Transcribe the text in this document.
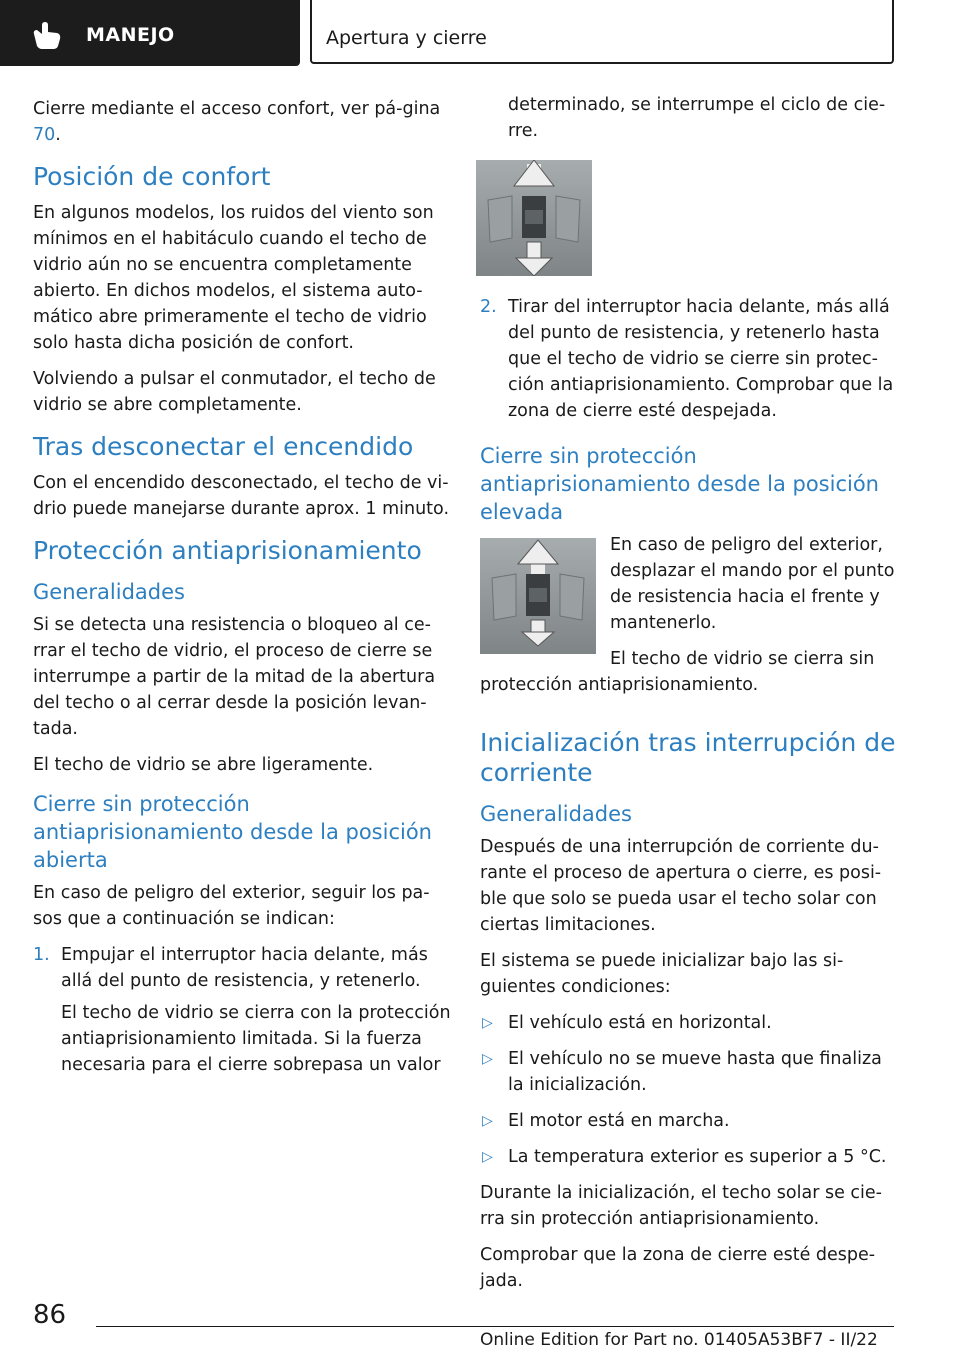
MANEJO	Apertura y cierre

Cierre mediante el acceso confort, ver pá-gina 70.

Posición de confort

En algunos modelos, los ruidos del viento son mínimos en el habitáculo cuando el techo de vidrio aún no se encuentra completamente abierto. En dichos modelos, el sistema auto-mático abre primeramente el techo de vidrio solo hasta dicha posición de confort.

Volviendo a pulsar el conmutador, el techo de vidrio se abre completamente.

Tras desconectar el encendido

Con el encendido desconectado, el techo de vi-drio puede manejarse durante aprox. 1 minuto.

Protección antiaprisionamiento
Generalidades

Si se detecta una resistencia o bloqueo al ce-rrar el techo de vidrio, el proceso de cierre se interrumpe a partir de la mitad de la abertura del techo o al cerrar desde la posición levan-tada.

El techo de vidrio se abre ligeramente.

Cierre sin protección antiaprisionamiento desde la posición abierta

En caso de peligro del exterior, seguir los pa-sos que a continuación se indican:

1. Empujar el interruptor hacia delante, más allá del punto de resistencia, y retenerlo.

El techo de vidrio se cierra con la protección antiaprisionamiento limitada. Si la fuerza necesaria para el cierre sobrepasa un valor

determinado, se interrumpe el ciclo de cie-rre.

2. Tirar del interruptor hacia delante, más allá del punto de resistencia, y retenerlo hasta que el techo de vidrio se cierre sin protec-ción antiaprisionamiento. Comprobar que la zona de cierre esté despejada.
Cierre sin protección antiaprisionamiento desde la posición elevada

En caso de peligro del exterior, desplazar el mando por el punto de resistencia hacia el frente y mantenerlo.

El techo de vidrio se cierra sin protección antiaprisionamiento.

Inicialización tras interrupción de corriente
Generalidades

Después de una interrupción de corriente du-rante el proceso de apertura o cierre, es posi-ble que solo se pueda usar el techo solar con ciertas limitaciones.

El sistema se puede inicializar bajo las si-guientes condiciones:

▷ El vehículo está en horizontal.
▷ El vehículo no se mueve hasta que finaliza la inicialización.
▷ El motor está en marcha.
▷ La temperatura exterior es superior a 5 °C.

Durante la inicialización, el techo solar se cie-rra sin protección antiaprisionamiento.

Comprobar que la zona de cierre esté despe-jada.

86
Online Edition for Part no. 01405A53BF7 - II/22
